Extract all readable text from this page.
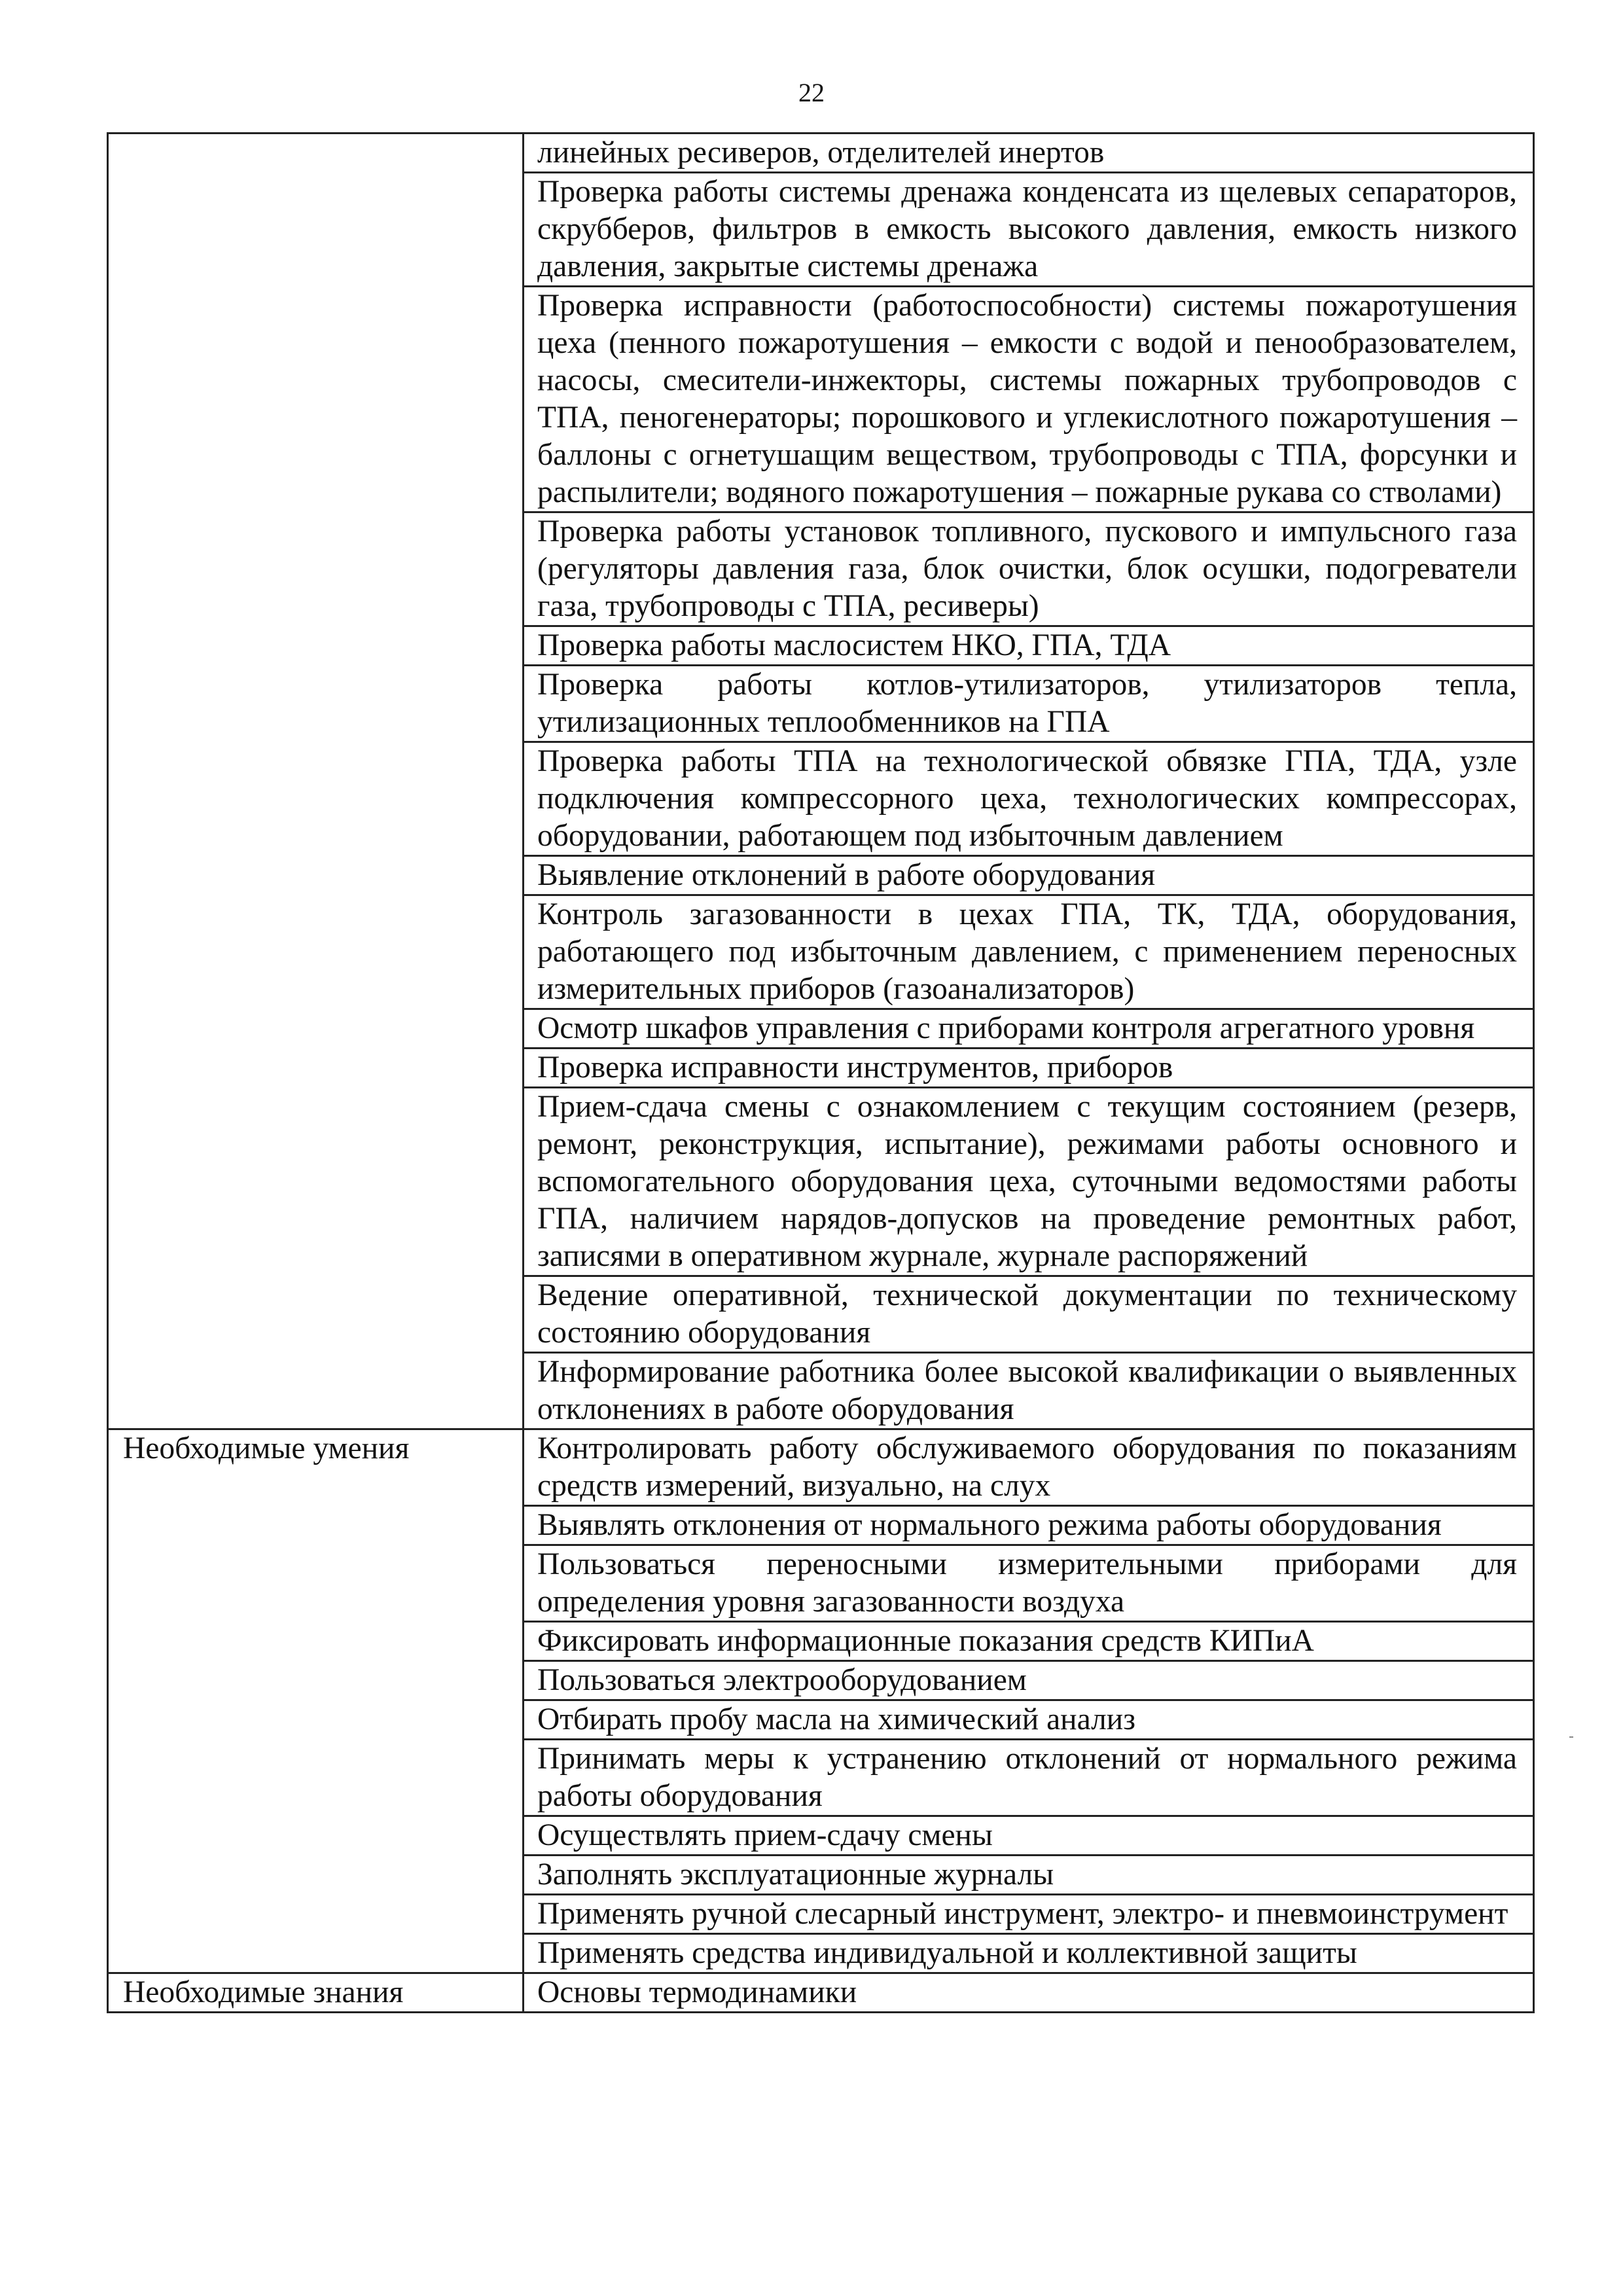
22
	линейных ресиверов, отделителей инертов
	Проверка работы системы дренажа конденсата из щелевых сепараторов, скрубберов, фильтров в емкость высокого давления, емкость низкого давления, закрытые системы дренажа
	Проверка исправности (работоспособности) системы пожаротушения цеха (пенного пожаротушения – емкости с водой и пенообразователем, насосы, смесители-инжекторы, системы пожарных трубопроводов с ТПА, пеногенераторы; порошкового и углекислотного пожаротушения – баллоны с огнетушащим веществом, трубопроводы с ТПА, форсунки и распылители; водяного пожаротушения – пожарные рукава со стволами)
	Проверка работы установок топливного, пускового и импульсного газа (регуляторы давления газа, блок очистки, блок осушки, подогреватели газа, трубопроводы с ТПА, ресиверы)
	Проверка работы маслосистем НКО, ГПА, ТДА
	Проверка работы котлов-утилизаторов, утилизаторов тепла, утилизационных теплообменников на ГПА
	Проверка работы ТПА на технологической обвязке ГПА, ТДА, узле подключения компрессорного цеха, технологических компрессорах, оборудовании, работающем под избыточным давлением
	Выявление отклонений в работе оборудования
	Контроль загазованности в цехах ГПА, ТК, ТДА, оборудования, работающего под избыточным давлением, с применением переносных измерительных приборов (газоанализаторов)
	Осмотр шкафов управления с приборами контроля агрегатного уровня
	Проверка исправности инструментов, приборов
	Прием-сдача смены с ознакомлением с текущим состоянием (резерв, ремонт, реконструкция, испытание), режимами работы основного и вспомогательного оборудования цеха, суточными ведомостями работы ГПА, наличием нарядов-допусков на проведение ремонтных работ, записями в оперативном журнале, журнале распоряжений
	Ведение оперативной, технической документации по техническому состоянию оборудования
	Информирование работника более высокой квалификации о выявленных отклонениях в работе оборудования
Необходимые умения	Контролировать работу обслуживаемого оборудования по показаниям средств измерений, визуально, на слух
	Выявлять отклонения от нормального режима работы оборудования
	Пользоваться переносными измерительными приборами для определения уровня загазованности воздуха
	Фиксировать информационные показания средств КИПиА
	Пользоваться электрооборудованием
	Отбирать пробу масла на химический анализ
	Принимать меры к устранению отклонений от нормального режима работы оборудования
	Осуществлять прием-сдачу смены
	Заполнять эксплуатационные журналы
	Применять ручной слесарный инструмент, электро- и пневмоинструмент
	Применять средства индивидуальной и коллективной защиты
Необходимые знания	Основы термодинамики
